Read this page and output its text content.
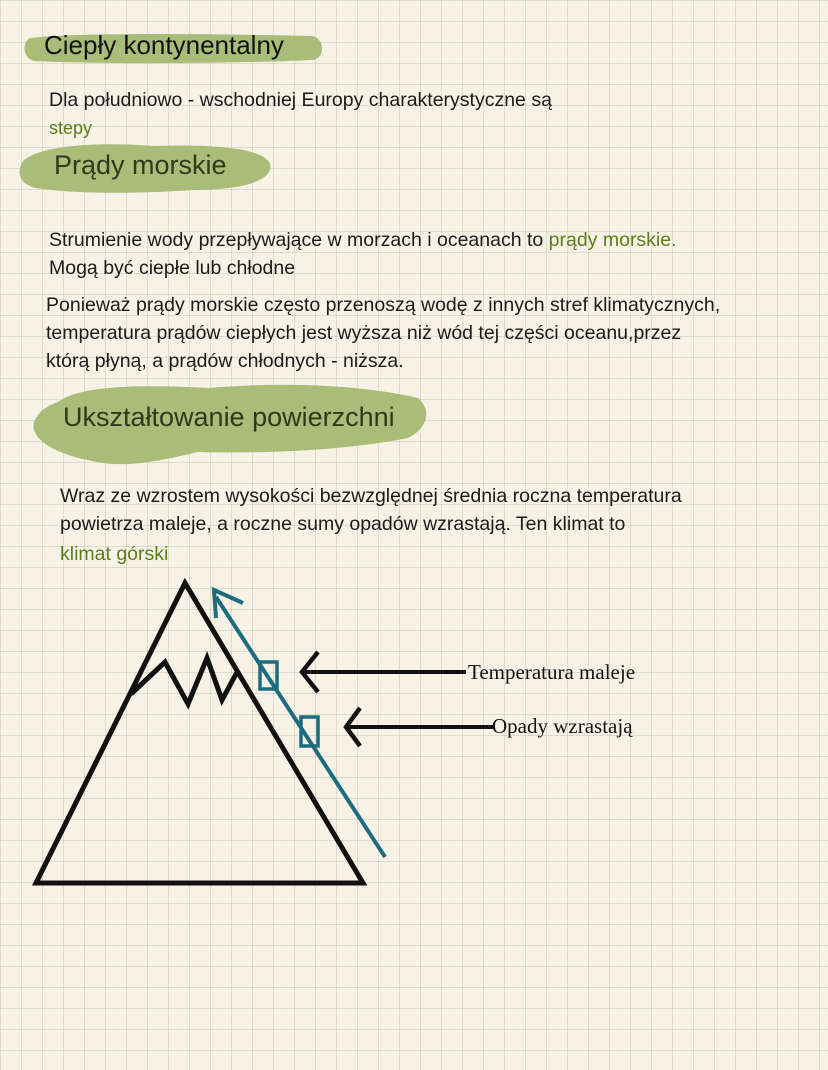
Ciepły kontynentalny
Dla południowo - wschodniej Europy charakterystyczne są
stepy
Prądy morskie
Strumienie wody przepływające w morzach i oceanach to prądy morskie.
Mogą być ciepłe lub chłodne
Ponieważ prądy morskie często przenoszą wodę z innych stref klimatycznych,
temperatura prądów ciepłych jest wyższa niż wód tej części oceanu,przez
którą płyną, a prądów chłodnych - niższa.
Ukształtowanie powierzchni
Wraz ze wzrostem wysokości bezwzględnej średnia roczna temperatura
powietrza maleje, a roczne sumy opadów wzrastają. Ten klimat to
klimat górski
Temperatura maleje
Opady wzrastają
